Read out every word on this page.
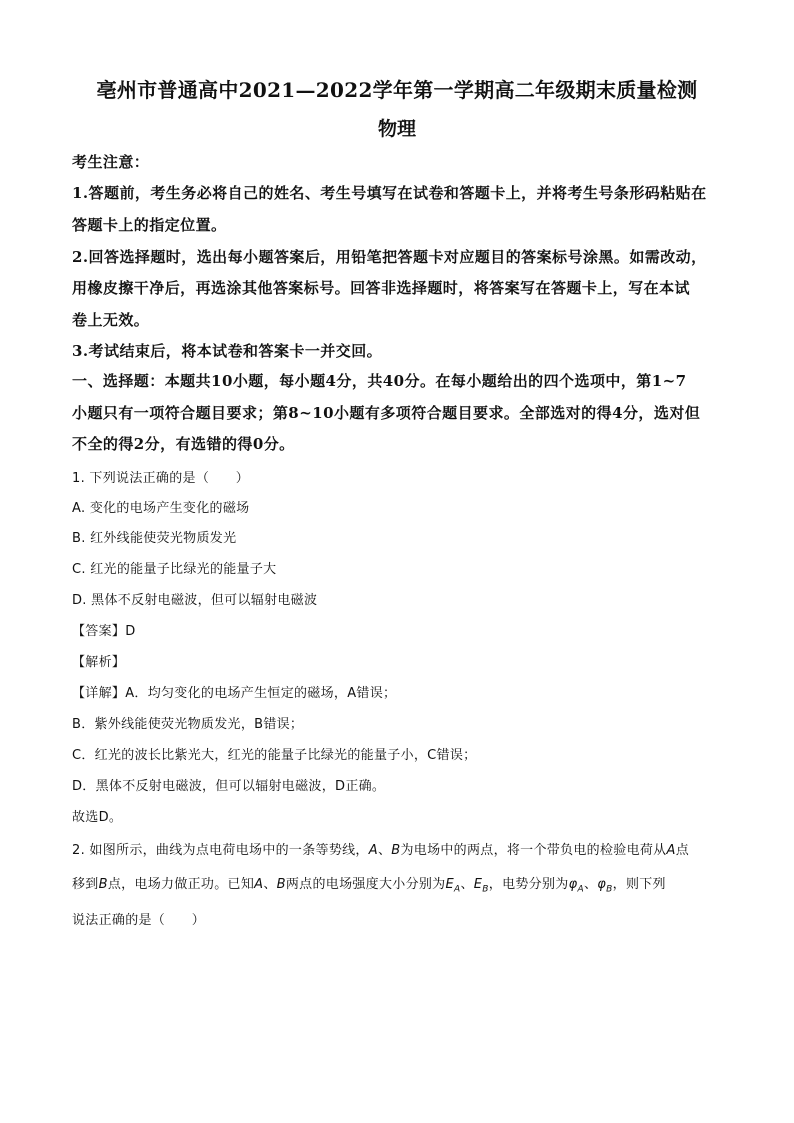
亳州市普通高中2021—2022学年第一学期高二年级期末质量检测
物理
考生注意：
1.答题前，考生务必将自己的姓名、考生号填写在试卷和答题卡上，并将考生号条形码粘贴在
答题卡上的指定位置。
2.回答选择题时，选出每小题答案后，用铅笔把答题卡对应题目的答案标号涂黑。如需改动，
用橡皮擦干净后，再选涂其他答案标号。回答非选择题时，将答案写在答题卡上，写在本试
卷上无效。
3.考试结束后，将本试卷和答案卡一并交回。
一、选择题：本题共10小题，每小题4分，共40分。在每小题给出的四个选项中，第1~7
小题只有一项符合题目要求；第8~10小题有多项符合题目要求。全部选对的得4分，选对但
不全的得2分，有选错的得0分。
1. 下列说法正确的是（　　）
A. 变化的电场产生变化的磁场
B. 红外线能使荧光物质发光
C. 红光的能量子比绿光的能量子大
D. 黑体不反射电磁波，但可以辐射电磁波
【答案】D
【解析】
【详解】A．均匀变化的电场产生恒定的磁场，A错误；
B．紫外线能使荧光物质发光，B错误；
C．红光的波长比紫光大，红光的能量子比绿光的能量子小，C错误；
D．黑体不反射电磁波，但可以辐射电磁波，D正确。
故选D。
2. 如图所示，曲线为点电荷电场中的一条等势线，A、B为电场中的两点，将一个带负电的检验电荷从A点
移到B点，电场力做正功。已知A、B两点的电场强度大小分别为$E_A$、$E_B$，电势分别为$\varphi_A$、$\varphi_B$，则下列
说法正确的是（　　）
